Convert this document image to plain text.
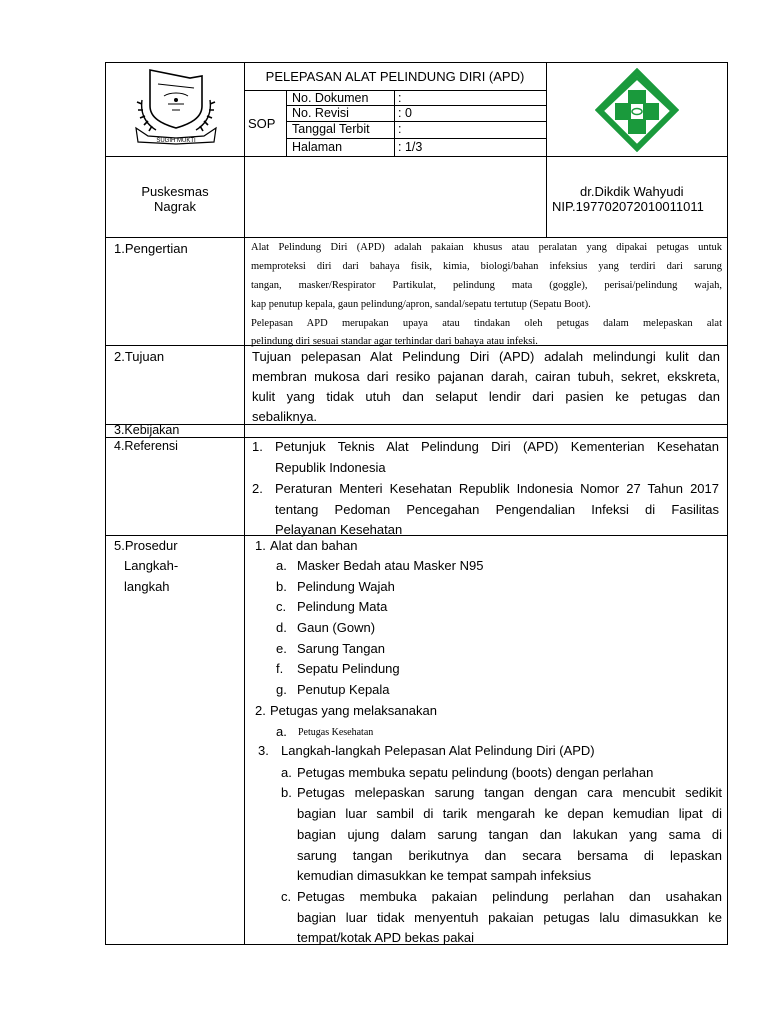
SUGIH MUKTI
PELEPASAN ALAT PELINDUNG DIRI (APD)
SOP
No. Dokumen :
No. Revisi	: 0
Tanggal Terbit :
Halaman	: 1/3
Puskesmas
Nagrak
dr.Dikdik Wahyudi
NIP.197702072010011011
1.Pengertian	Alat Pelindung Diri (APD) adalah pakaian khusus atau peralatan yang dipakai petugas untuk
memproteksi diri dari bahaya fisik, kimia, biologi/bahan infeksius yang terdiri dari sarung
tangan, masker/Respirator Partikulat, pelindung mata (goggle), perisai/pelindung wajah,
kap penutup kepala, gaun pelindung/apron, sandal/sepatu tertutup (Sepatu Boot).
Pelepasan APD merupakan upaya atau tindakan oleh petugas dalam melepaskan alat
pelindung diri sesuai standar agar terhindar dari bahaya atau infeksi.
2.Tujuan	Tujuan pelepasan Alat Pelindung Diri (APD) adalah melindungi kulit dan
membran mukosa dari resiko pajanan darah, cairan tubuh, sekret, ekskreta,
kulit yang tidak utuh dan selaput lendir dari pasien ke petugas dan
sebaliknya.
3.Kebijakan
4.Referensi	1. Petunjuk Teknis Alat Pelindung Diri (APD) Kementerian Kesehatan
Republik Indonesia
2. Peraturan Menteri Kesehatan Republik Indonesia Nomor 27 Tahun 2017
tentang Pedoman Pencegahan Pengendalian Infeksi di Fasilitas
Pelayanan Kesehatan
5.Prosedur
Langkah-
langkah
1. Alat dan bahan
a. Masker Bedah atau Masker N95
b. Pelindung Wajah
c. Pelindung Mata
d. Gaun (Gown)
e. Sarung Tangan
f. Sepatu Pelindung
g. Penutup Kepala
2. Petugas yang melaksanakan
a. Petugas Kesehatan
3. Langkah-langkah Pelepasan Alat Pelindung Diri (APD)
a. Petugas membuka sepatu pelindung (boots) dengan perlahan
b. Petugas melepaskan sarung tangan dengan cara mencubit sedikit
bagian luar sambil di tarik mengarah ke depan kemudian lipat di
bagian ujung dalam sarung tangan dan lakukan yang sama di
sarung tangan berikutnya dan secara bersama di lepaskan
kemudian dimasukkan ke tempat sampah infeksius
c. Petugas membuka pakaian pelindung perlahan dan usahakan
bagian luar tidak menyentuh pakaian petugas lalu dimasukkan ke
tempat/kotak APD bekas pakai
